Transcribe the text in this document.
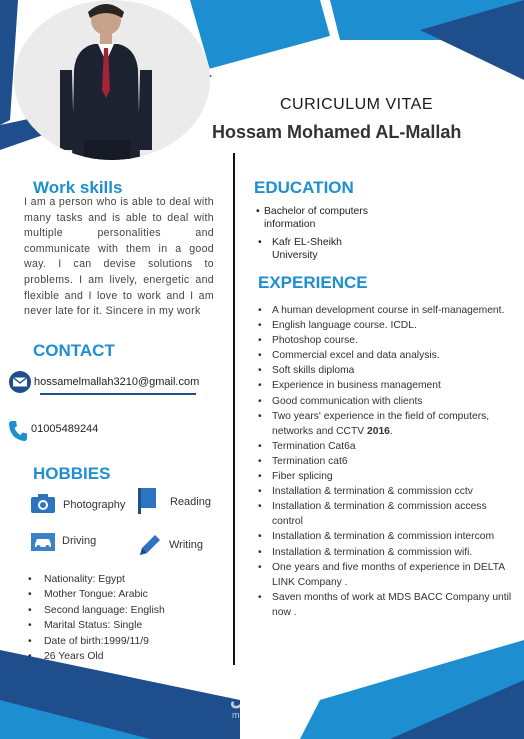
CURICULUM VITAE
Hossam Mohamed AL-Mallah
Work skills
I am a person who is able to deal with many tasks and is able to deal with multiple personalities and communicate with them in a good way. I can devise solutions to problems. I am lively, energetic and flexible and I love to work and I am never late for it. Sincere in my work
CONTACT
hossamelmallah3210@gmail.com
01005489244
HOBBIES
Photography	Reading
Driving	Writing
• Nationality: Egypt
• Mother Tongue: Arabic
• Second language: English
• Marital Status: Single
• Date of birth:1999/11/9
• 26 Years Old
EDUCATION
• Bachelor of computers
information
• Kafr EL-Sheikh
University
EXPERIENCE
• A human development course in self-management.
• English language course. ICDL.
• Photoshop course.
• Commercial excel and data analysis.
• Soft skills diploma
• Experience in business management
• Good communication with clients
• Two years' experience in the field of computers, networks and CCTV 2016.
• Termination Cat6a
• Termination cat6
• Fiber splicing
• Installation & termination & commission cctv
• Installation & termination & commission access control
• Installation & termination & commission intercom
• Installation & termination & commission wifi.
• One years and five months of experience in DELTA LINK Company .
• Saven months of work at MDS BACC Company until now .
مستقل
mostaql.com
